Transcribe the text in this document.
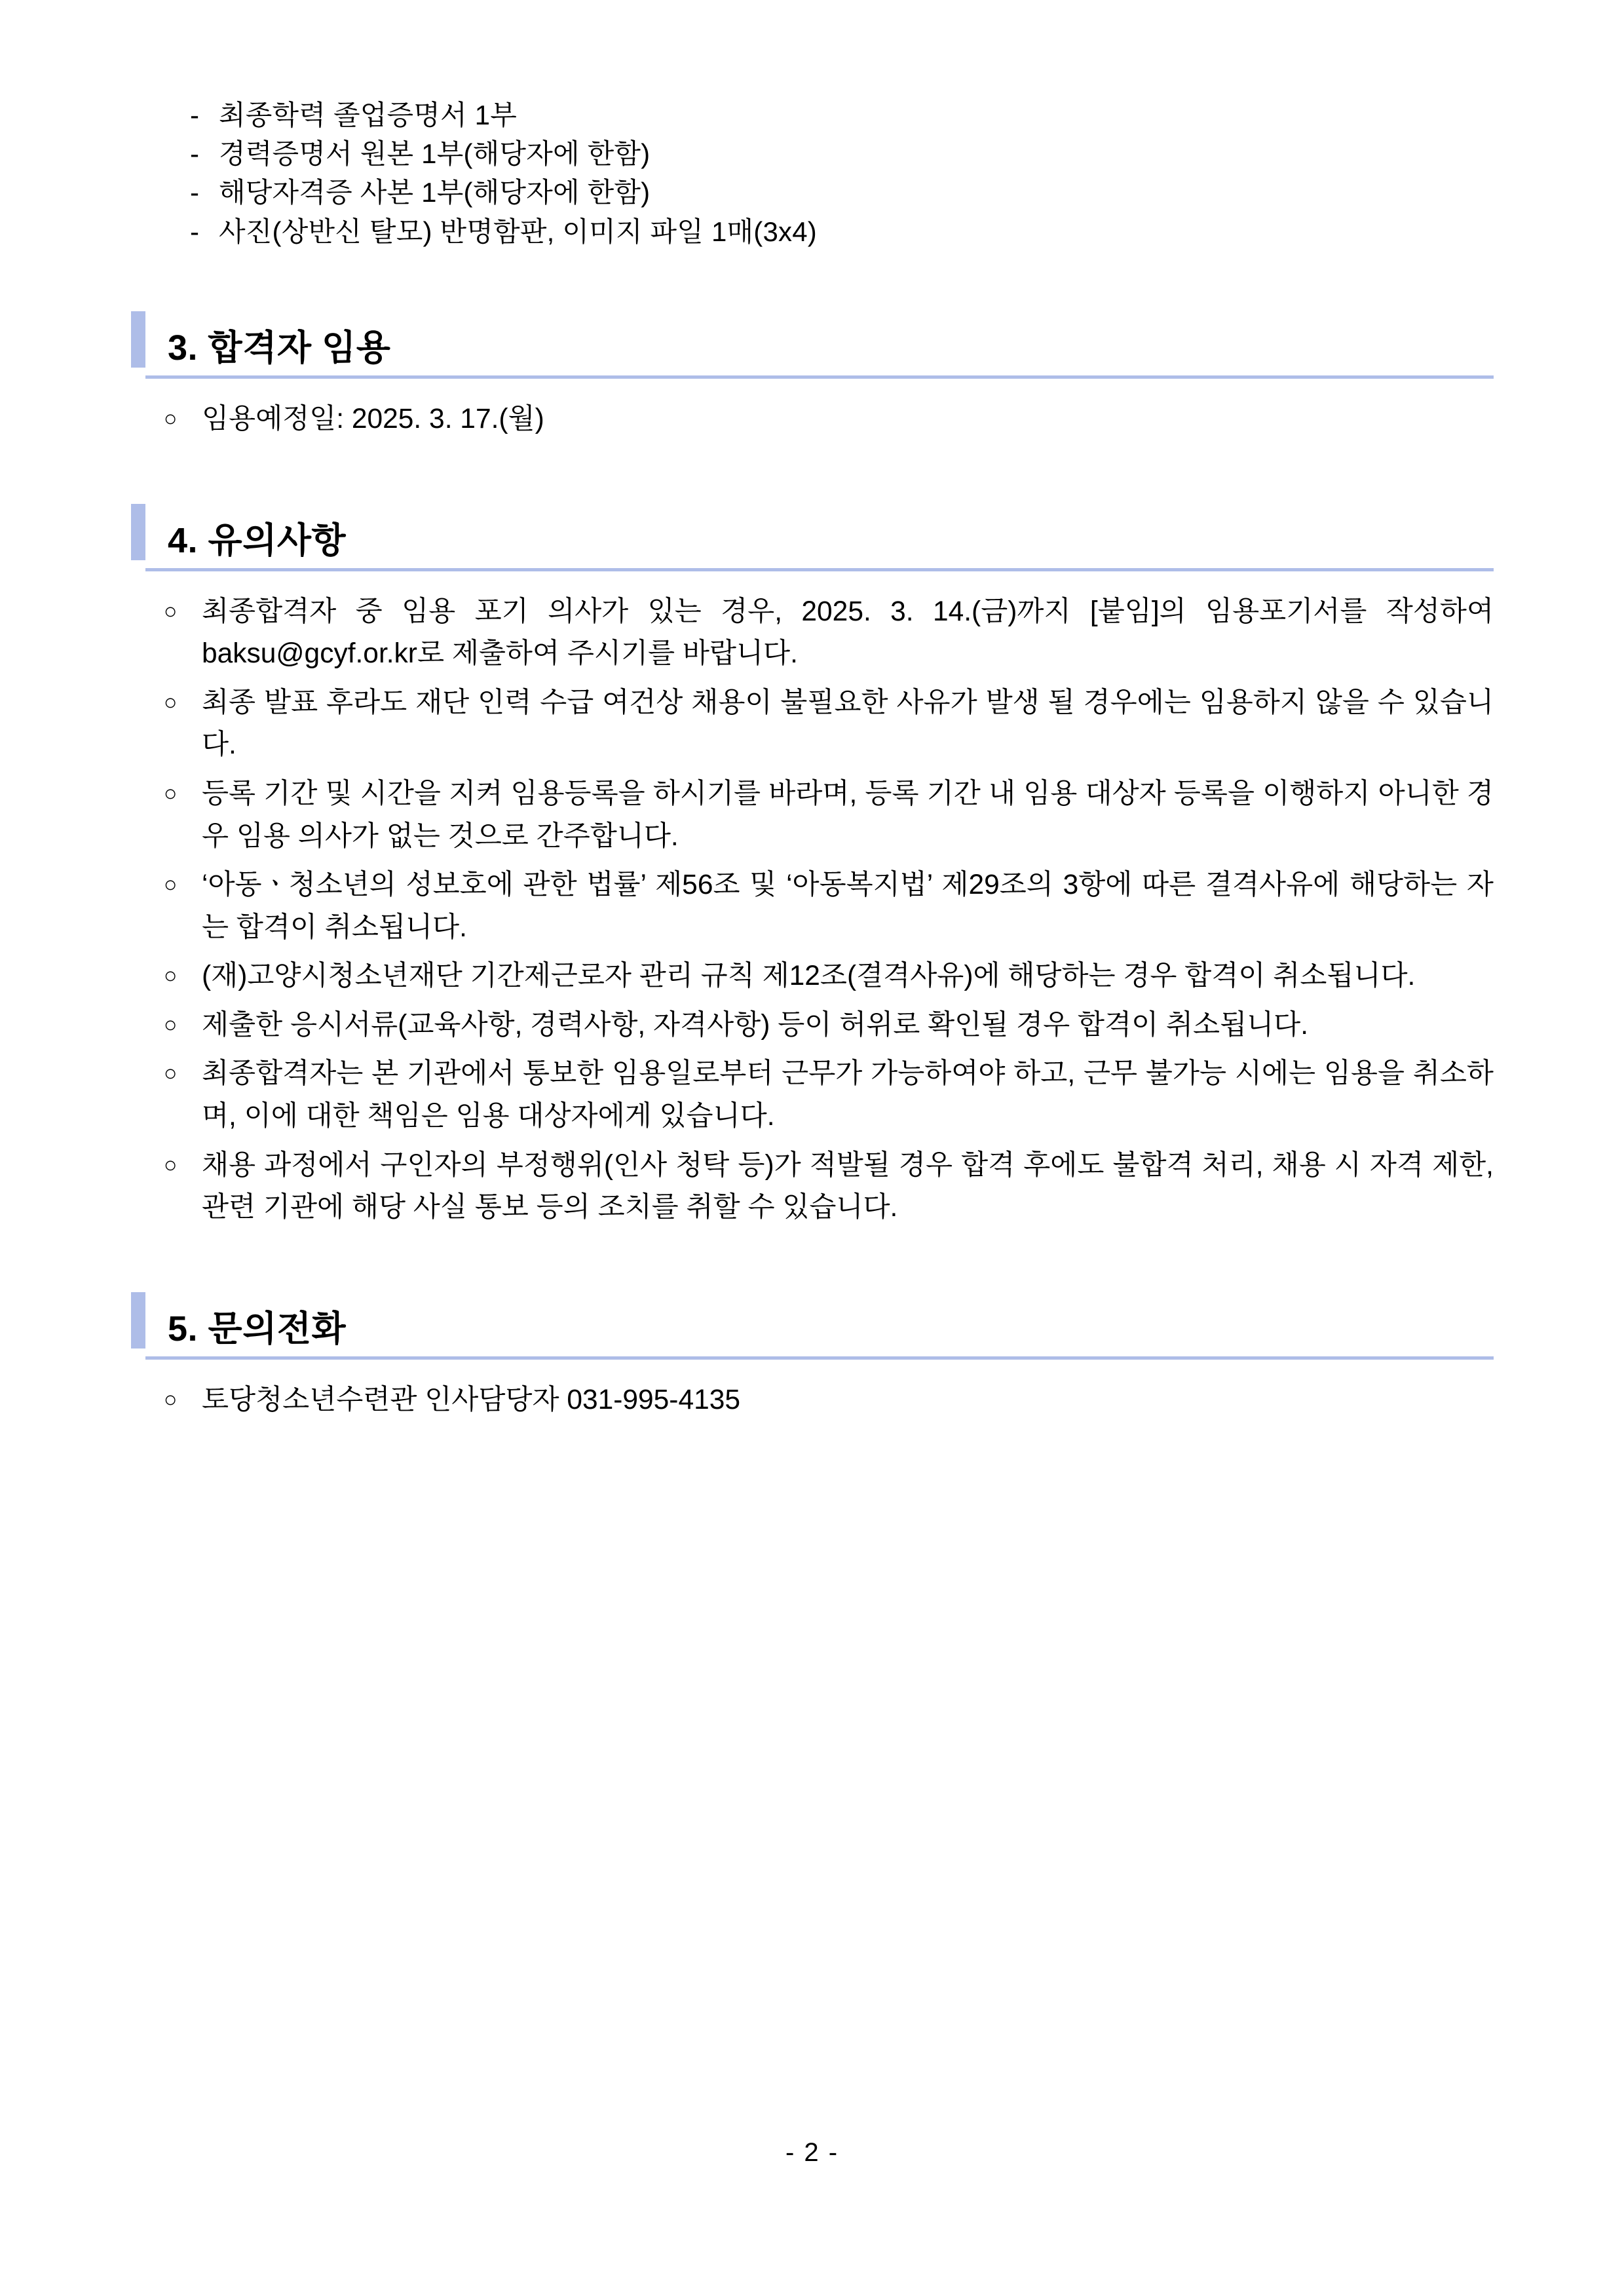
- 최종학력 졸업증명서 1부
- 경력증명서 원본 1부(해당자에 한함)
- 해당자격증 사본 1부(해당자에 한함)
- 사진(상반신 탈모) 반명함판, 이미지 파일 1매(3x4)
3. 합격자 임용
○ 임용예정일: 2025. 3. 17.(월)
4. 유의사항
○ 최종합격자 중 임용 포기 의사가 있는 경우, 2025. 3. 14.(금)까지 [붙임]의 임용포기서를 작성하여 baksu@gcyf.or.kr로 제출하여 주시기를 바랍니다.
○ 최종 발표 후라도 재단 인력 수급 여건상 채용이 불필요한 사유가 발생 될 경우에는 임용하지 않을 수 있습니다.
○ 등록 기간 및 시간을 지켜 임용등록을 하시기를 바라며, 등록 기간 내 임용 대상자 등록을 이행하지 아니한 경우 임용 의사가 없는 것으로 간주합니다.
○ ‘아동ㆍ청소년의 성보호에 관한 법률’ 제56조 및 ‘아동복지법’ 제29조의 3항에 따른 결격사유에 해당하는 자는 합격이 취소됩니다.
○ (재)고양시청소년재단 기간제근로자 관리 규칙 제12조(결격사유)에 해당하는 경우 합격이 취소됩니다.
○ 제출한 응시서류(교육사항, 경력사항, 자격사항) 등이 허위로 확인될 경우 합격이 취소됩니다.
○ 최종합격자는 본 기관에서 통보한 임용일로부터 근무가 가능하여야 하고, 근무 불가능 시에는 임용을 취소하며, 이에 대한 책임은 임용 대상자에게 있습니다.
○ 채용 과정에서 구인자의 부정행위(인사 청탁 등)가 적발될 경우 합격 후에도 불합격 처리, 채용 시 자격 제한, 관련 기관에 해당 사실 통보 등의 조치를 취할 수 있습니다.
5. 문의전화
○ 토당청소년수련관 인사담당자 031-995-4135
- 2 -
